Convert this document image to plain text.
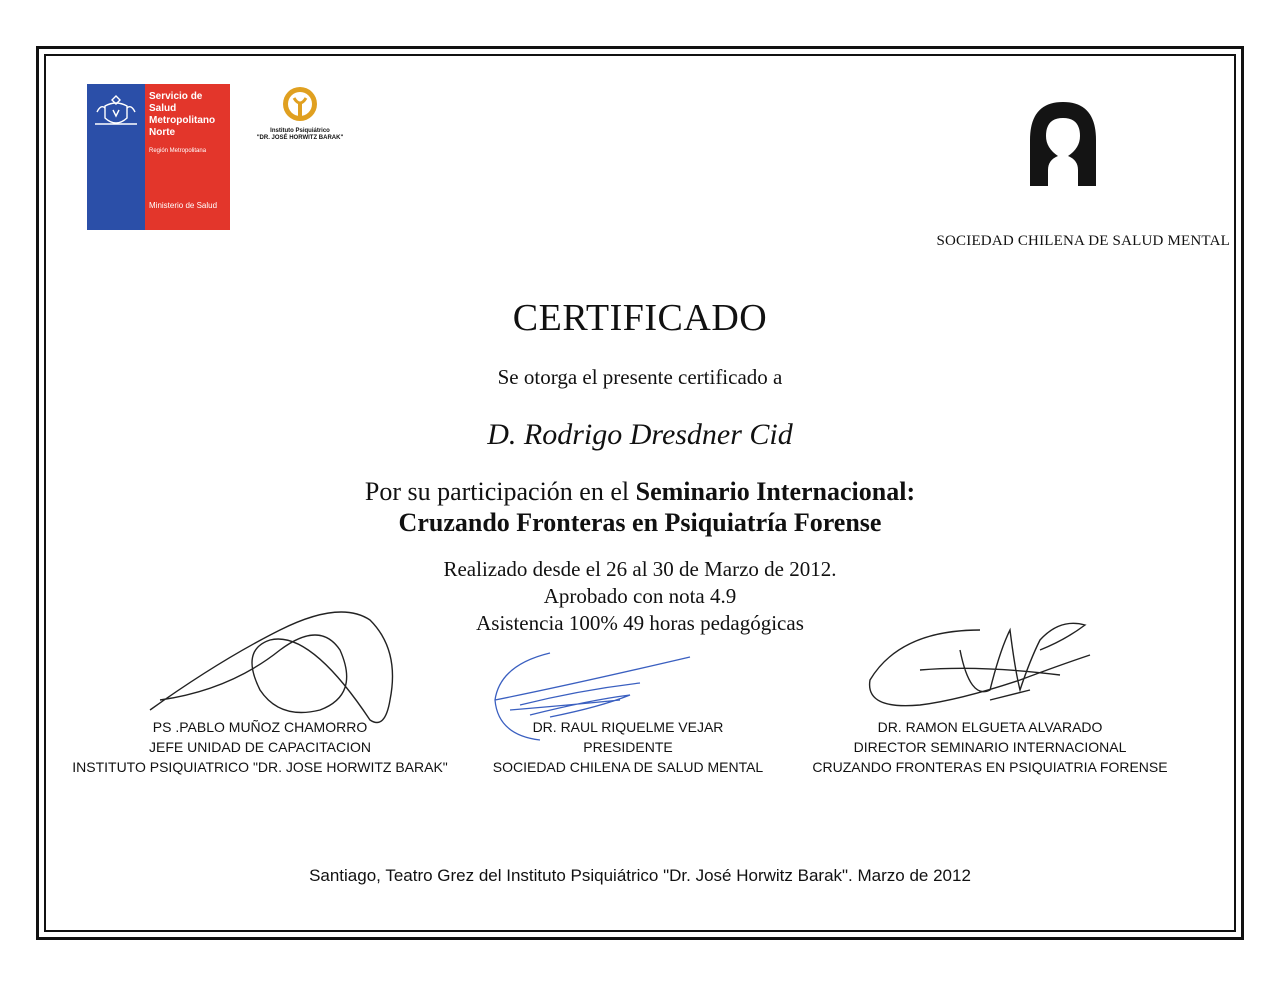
Servicio de Salud Metropolitano Norte
Región Metropolitana
Ministerio de Salud
Instituto Psiquiátrico
"DR. JOSÉ HORWITZ BARAK"
SOCIEDAD CHILENA DE SALUD MENTAL
CERTIFICADO
Se otorga el presente certificado a
D. Rodrigo Dresdner Cid
Por su participación en el Seminario Internacional:
Cruzando Fronteras en Psiquiatría Forense
Realizado desde el 26 al 30 de Marzo de 2012.
Aprobado con nota 4.9
Asistencia 100% 49 horas pedagógicas
PS .PABLO MUÑOZ CHAMORRO
JEFE UNIDAD DE CAPACITACION
INSTITUTO PSIQUIATRICO "DR. JOSE HORWITZ BARAK"
DR. RAUL RIQUELME VEJAR
PRESIDENTE
SOCIEDAD CHILENA DE SALUD MENTAL
DR. RAMON ELGUETA ALVARADO
DIRECTOR SEMINARIO INTERNACIONAL
CRUZANDO FRONTERAS EN PSIQUIATRIA FORENSE
Santiago, Teatro Grez del Instituto Psiquiátrico "Dr. José Horwitz Barak". Marzo de 2012
